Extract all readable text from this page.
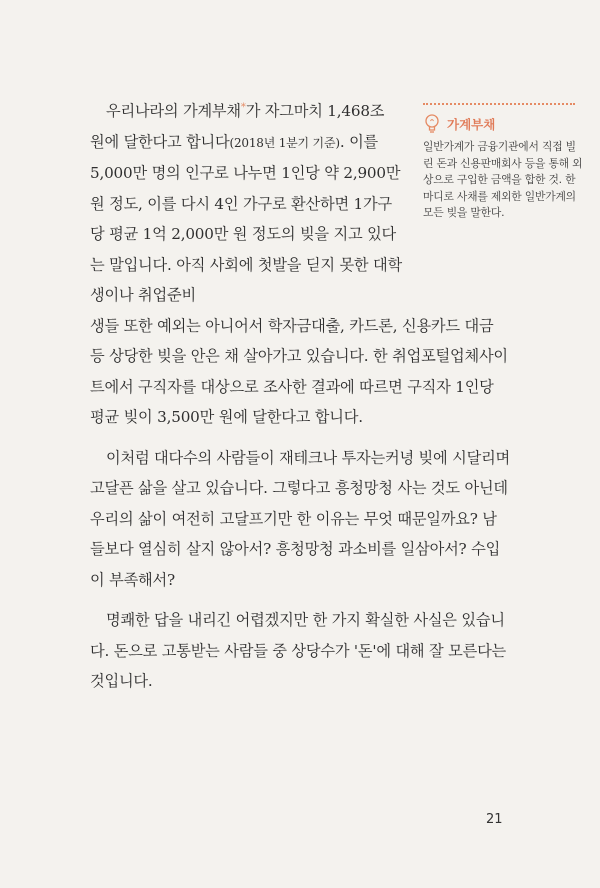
가계부채
일반가계가 금융기관에서 직접 빌린 돈과 신용판매회사 등을 통해 외상으로 구입한 금액을 합한 것. 한마디로 사채를 제외한 일반가계의 모든 빚을 말한다.

우리나라의 가계부채*가 자그마치 1,468조 원에 달한다고 합니다(2018년 1분기 기준). 이를 5,000만 명의 인구로 나누면 1인당 약 2,900만 원 정도, 이를 다시 4인 가구로 환산하면 1가구당 평균 1억 2,000만 원 정도의 빚을 지고 있다는 말입니다. 아직 사회에 첫발을 딛지 못한 대학생이나 취업준비

생들 또한 예외는 아니어서 학자금대출, 카드론, 신용카드 대금 등 상당한 빚을 안은 채 살아가고 있습니다. 한 취업포털업체사이트에서 구직자를 대상으로 조사한 결과에 따르면 구직자 1인당 평균 빚이 3,500만 원에 달한다고 합니다.

이처럼 대다수의 사람들이 재테크나 투자는커녕 빚에 시달리며 고달픈 삶을 살고 있습니다. 그렇다고 흥청망청 사는 것도 아닌데 우리의 삶이 여전히 고달프기만 한 이유는 무엇 때문일까요? 남들보다 열심히 살지 않아서? 흥청망청 과소비를 일삼아서? 수입이 부족해서?

명쾌한 답을 내리긴 어렵겠지만 한 가지 확실한 사실은 있습니다. 돈으로 고통받는 사람들 중 상당수가 '돈'에 대해 잘 모른다는 것입니다.

21
